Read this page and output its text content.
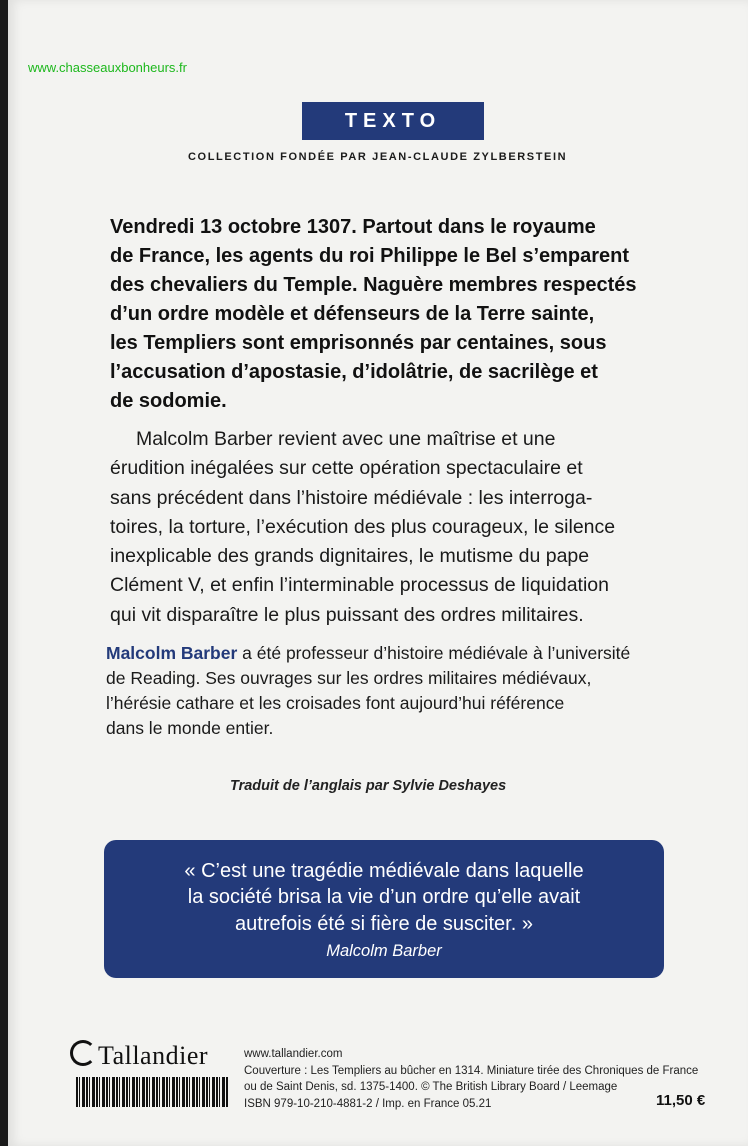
www.chasseauxbonheurs.fr
TEXTO
COLLECTION FONDÉE PAR JEAN-CLAUDE ZYLBERSTEIN

Vendredi 13 octobre 1307. Partout dans le royaume
de France, les agents du roi Philippe le Bel s’emparent
des chevaliers du Temple. Naguère membres respectés
d’un ordre modèle et défenseurs de la Terre sainte,
les Templiers sont emprisonnés par centaines, sous
l’accusation d’apostasie, d’idolâtrie, de sacrilège et
de sodomie.

Malcolm Barber revient avec une maîtrise et une
érudition inégalées sur cette opération spectaculaire et
sans précédent dans l’histoire médiévale : les interroga-
toires, la torture, l’exécution des plus courageux, le silence
inexplicable des grands dignitaires, le mutisme du pape
Clément V, et enfin l’interminable processus de liquidation
qui vit disparaître le plus puissant des ordres militaires.

Malcolm Barber a été professeur d’histoire médiévale à l’université
de Reading. Ses ouvrages sur les ordres militaires médiévaux,
l’hérésie cathare et les croisades font aujourd’hui référence
dans le monde entier.

Traduit de l’anglais par Sylvie Deshayes
« C’est une tragédie médiévale dans laquelle
la société brisa la vie d’un ordre qu’elle avait
autrefois été si fière de susciter. »
Malcolm Barber
Tallandier	www.tallandier.com
Couverture : Les Templiers au bûcher en 1314. Miniature tirée des Chroniques de France
ou de Saint Denis, sd. 1375-1400. © The British Library Board / Leemage
ISBN 979-10-210-4881-2 / Imp. en France 05.21	11,50 €
